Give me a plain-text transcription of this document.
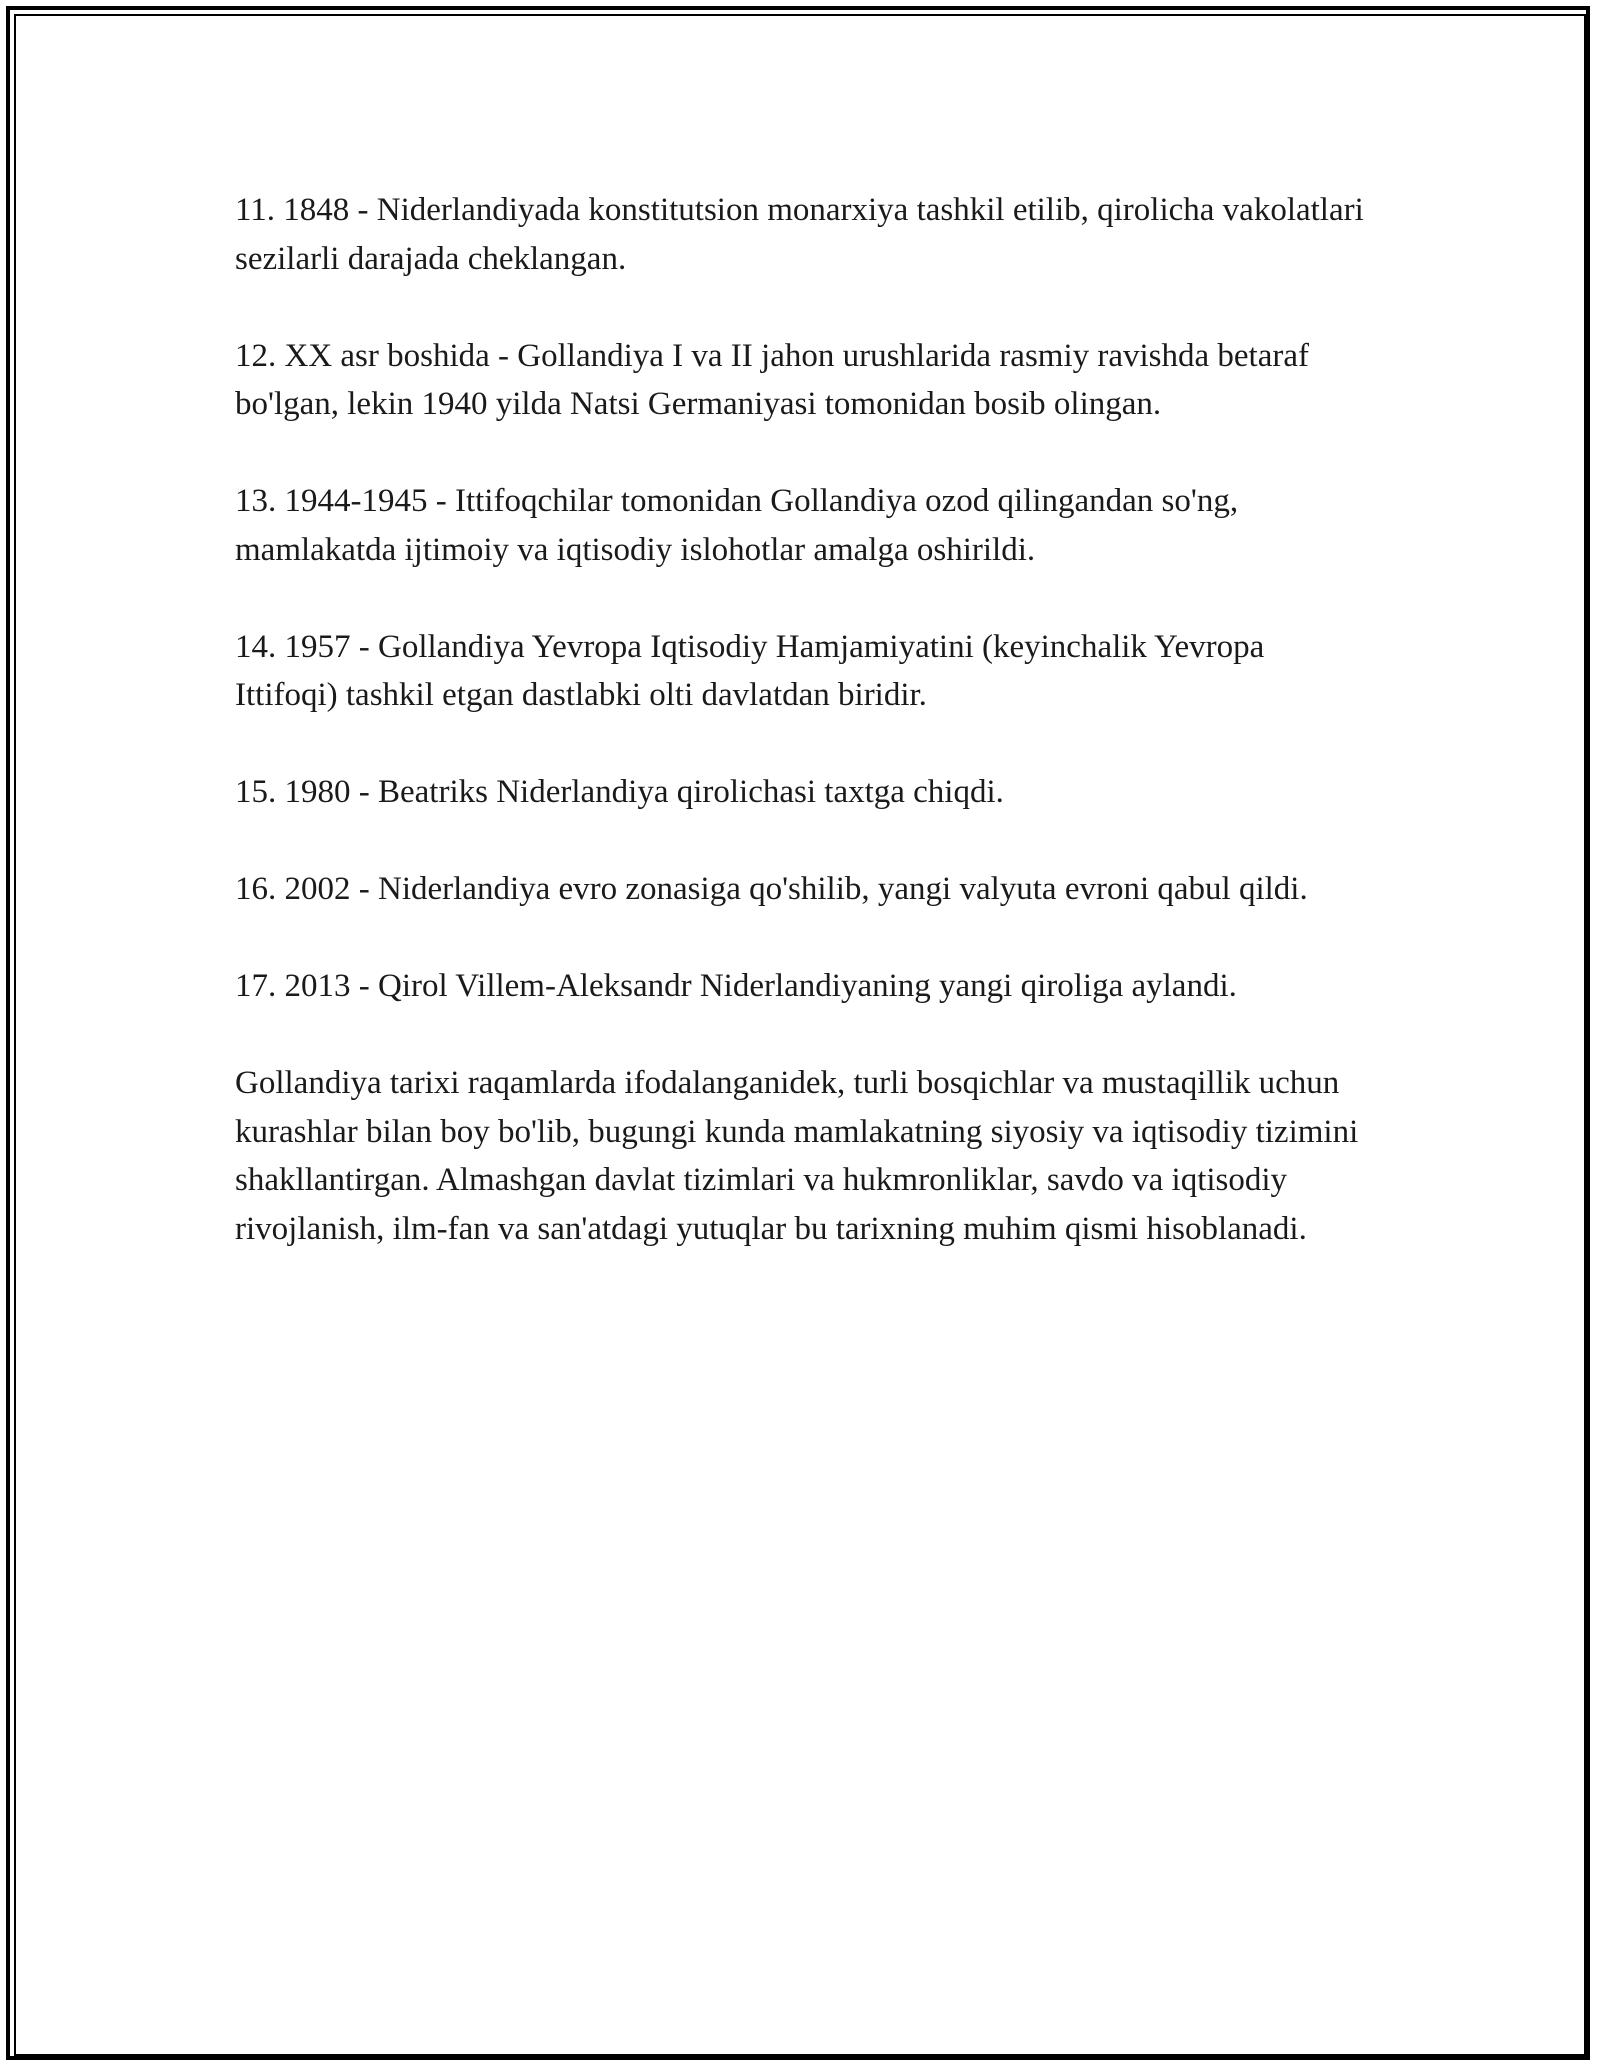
11. 1848 - Niderlandiyada konstitutsion monarxiya tashkil etilib, qirolicha vakolatlari sezilarli darajada cheklangan.

12. XX asr boshida - Gollandiya I va II jahon urushlarida rasmiy ravishda betaraf bo'lgan, lekin 1940 yilda Natsi Germaniyasi tomonidan bosib olingan.

13. 1944-1945 - Ittifoqchilar tomonidan Gollandiya ozod qilingandan so'ng, mamlakatda ijtimoiy va iqtisodiy islohotlar amalga oshirildi.

14. 1957 - Gollandiya Yevropa Iqtisodiy Hamjamiyatini (keyinchalik Yevropa Ittifoqi) tashkil etgan dastlabki olti davlatdan biridir.

15. 1980 - Beatriks Niderlandiya qirolichasi taxtga chiqdi.

16. 2002 - Niderlandiya evro zonasiga qo'shilib, yangi valyuta evroni qabul qildi.

17. 2013 - Qirol Villem-Aleksandr Niderlandiyaning yangi qiroliga aylandi.

Gollandiya tarixi raqamlarda ifodalanganidek, turli bosqichlar va mustaqillik uchun kurashlar bilan boy bo'lib, bugungi kunda mamlakatning siyosiy va iqtisodiy tizimini shakllantirgan. Almashgan davlat tizimlari va hukmronliklar, savdo va iqtisodiy rivojlanish, ilm-fan va san'atdagi yutuqlar bu tarixning muhim qismi hisoblanadi.
